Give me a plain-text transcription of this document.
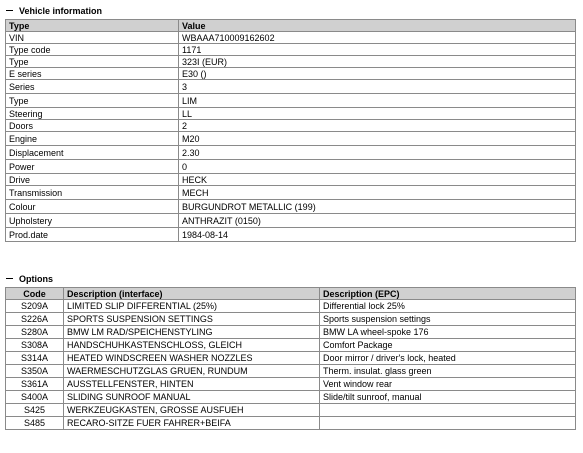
Vehicle information
Type	Value
VIN	WBAAA710009162602
Type code	1171
Type	323I (EUR)
E series	E30 ()
Series	3
Type	LIM
Steering	LL
Doors	2
Engine	M20
Displacement	2.30
Power	0
Drive	HECK
Transmission	MECH
Colour	BURGUNDROT METALLIC (199)
Upholstery	ANTHRAZIT (0150)
Prod.date	1984-08-14
Options
Code	Description (interface)	Description (EPC)
S209A	LIMITED SLIP DIFFERENTIAL (25%)	Differential lock 25%
S226A	SPORTS SUSPENSION SETTINGS	Sports suspension settings
S280A	BMW LM RAD/SPEICHENSTYLING	BMW LA wheel-spoke 176
S308A	HANDSCHUHKASTENSCHLOSS, GLEICH	Comfort Package
S314A	HEATED WINDSCREEN WASHER NOZZLES	Door mirror / driver's lock, heated
S350A	WAERMESCHUTZGLAS GRUEN, RUNDUM	Therm. insulat. glass green
S361A	AUSSTELLFENSTER, HINTEN	Vent window rear
S400A	SLIDING SUNROOF MANUAL	Slide/tilt sunroof, manual
S425	WERKZEUGKASTEN, GROSSE AUSFUEH	
S485	RECARO-SITZE FUER FAHRER+BEIFA	
